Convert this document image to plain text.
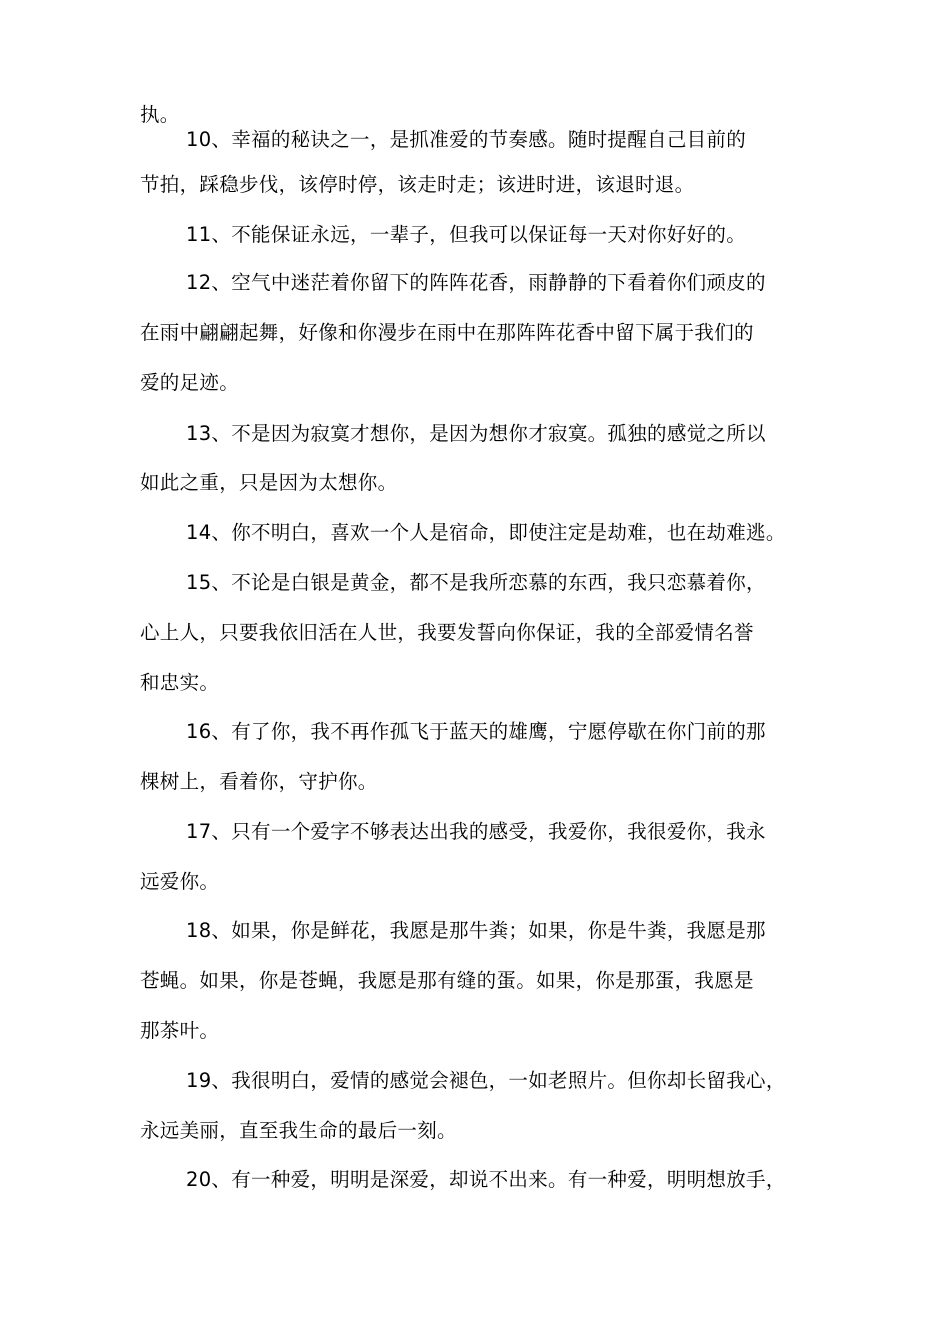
执。
10、幸福的秘诀之一，是抓准爱的节奏感。随时提醒自己目前的
节拍，踩稳步伐，该停时停，该走时走；该进时进，该退时退。
11、不能保证永远，一辈子，但我可以保证每一天对你好好的。
12、空气中迷茫着你留下的阵阵花香，雨静静的下看着你们顽皮的
在雨中翩翩起舞，好像和你漫步在雨中在那阵阵花香中留下属于我们的
爱的足迹。
13、不是因为寂寞才想你，是因为想你才寂寞。孤独的感觉之所以
如此之重，只是因为太想你。
14、你不明白，喜欢一个人是宿命，即使注定是劫难，也在劫难逃。
15、不论是白银是黄金，都不是我所恋慕的东西，我只恋慕着你，
心上人，只要我依旧活在人世，我要发誓向你保证，我的全部爱情名誉
和忠实。
16、有了你，我不再作孤飞于蓝天的雄鹰，宁愿停歇在你门前的那
棵树上，看着你，守护你。
17、只有一个爱字不够表达出我的感受，我爱你，我很爱你，我永
远爱你。
18、如果，你是鲜花，我愿是那牛粪；如果，你是牛粪，我愿是那
苍蝇。如果，你是苍蝇，我愿是那有缝的蛋。如果，你是那蛋，我愿是
那茶叶。
19、我很明白，爱情的感觉会褪色，一如老照片。但你却长留我心，
永远美丽，直至我生命的最后一刻。
20、有一种爱，明明是深爱，却说不出来。有一种爱，明明想放手，
